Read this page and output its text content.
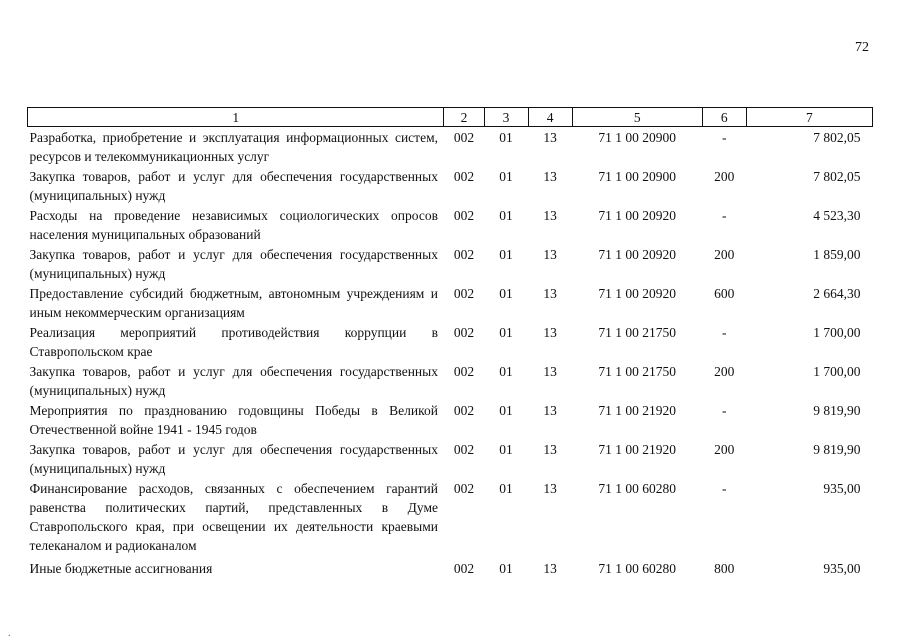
72
1	2	3	4	5	6	7
Разработка, приобретение и эксплуатация информационных систем, ресурсов и телекоммуникационных услуг	002	01	13	71 1 00 20900	-	7 802,05
Закупка товаров, работ и услуг для обеспечения государственных (муниципальных) нужд	002	01	13	71 1 00 20900	200	7 802,05
Расходы на проведение независимых социологических опросов населения муниципальных образований	002	01	13	71 1 00 20920	-	4 523,30
Закупка товаров, работ и услуг для обеспечения государственных (муниципальных) нужд	002	01	13	71 1 00 20920	200	1 859,00
Предоставление субсидий бюджетным, автономным учреждениям и иным некоммерческим организациям	002	01	13	71 1 00 20920	600	2 664,30
Реализация мероприятий противодействия коррупции в Ставропольском крае	002	01	13	71 1 00 21750	-	1 700,00
Закупка товаров, работ и услуг для обеспечения государственных (муниципальных) нужд	002	01	13	71 1 00 21750	200	1 700,00
Мероприятия по празднованию годовщины Победы в Великой Отечественной войне 1941 - 1945 годов	002	01	13	71 1 00 21920	-	9 819,90
Закупка товаров, работ и услуг для обеспечения государственных (муниципальных) нужд	002	01	13	71 1 00 21920	200	9 819,90
Финансирование расходов, связанных с обеспечением гарантий равенства политических партий, представленных в Думе Ставропольского края, при освещении их деятельности краевыми телеканалом и радиоканалом	002	01	13	71 1 00 60280	-	935,00
Иные бюджетные ассигнования	002	01	13	71 1 00 60280	800	935,00
.
